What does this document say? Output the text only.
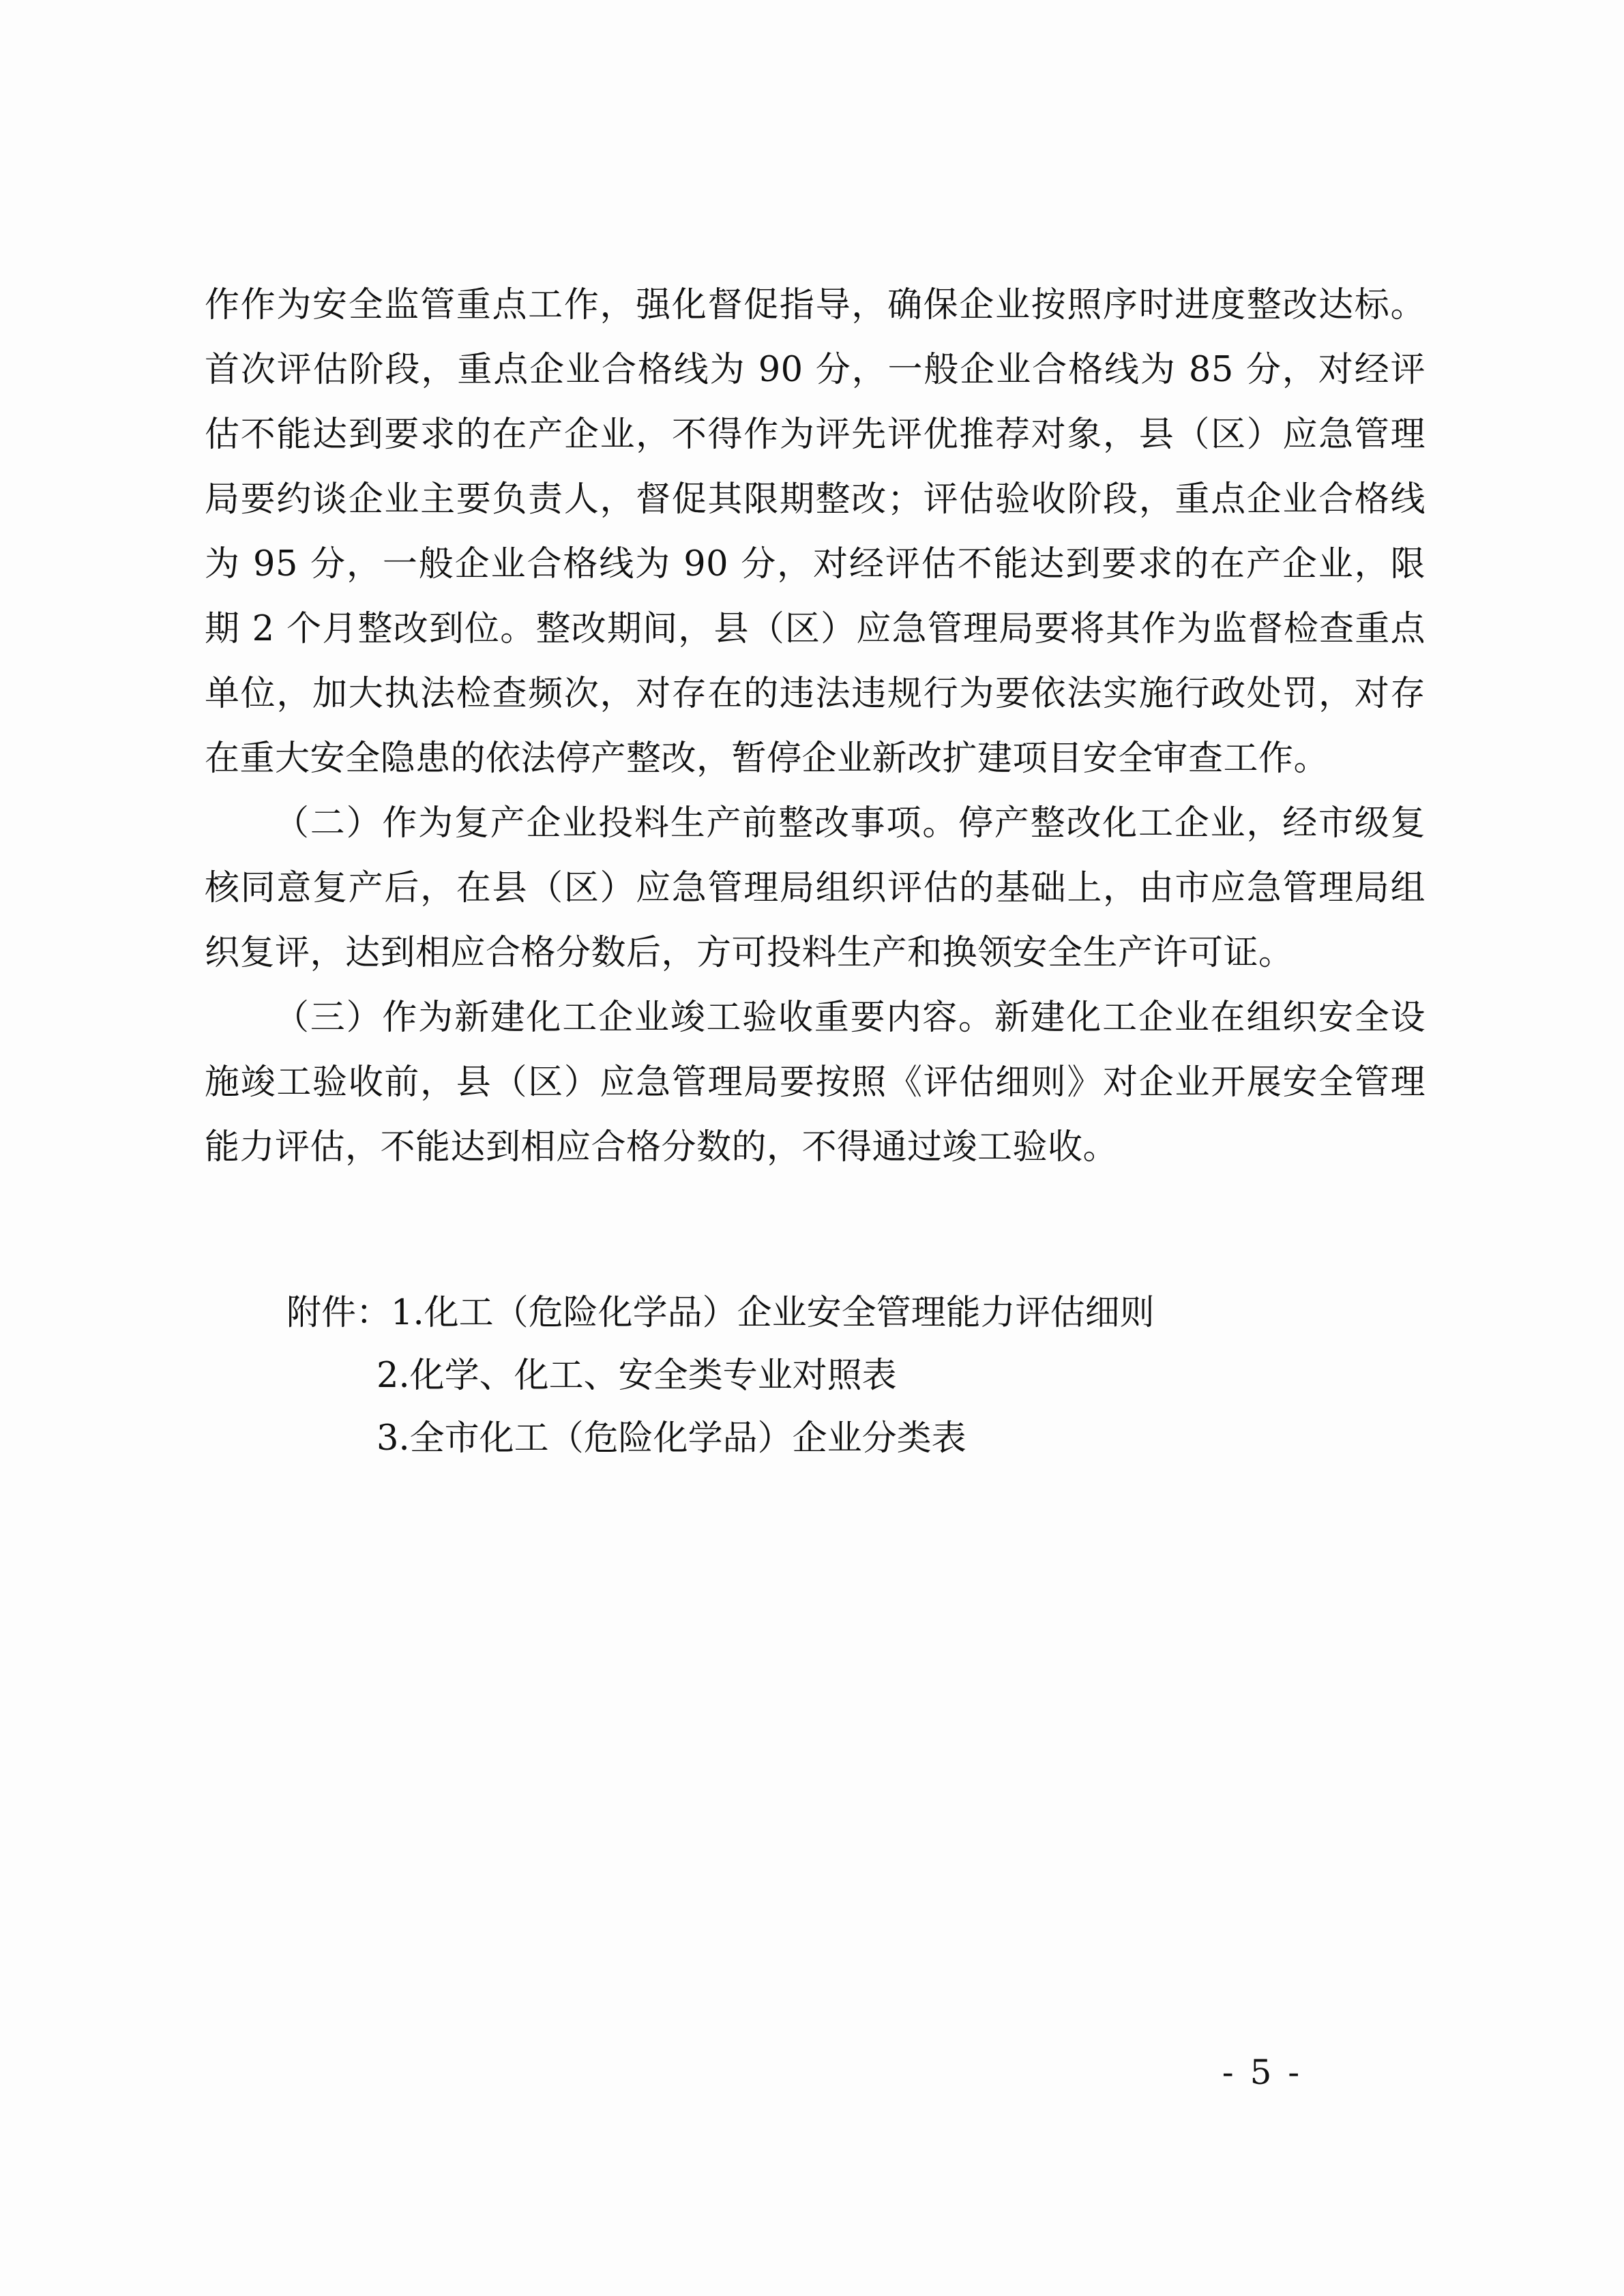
作作为安全监管重点工作，强化督促指导，确保企业按照序时进度整改达标。首次评估阶段，重点企业合格线为 90 分，一般企业合格线为 85 分，对经评估不能达到要求的在产企业，不得作为评先评优推荐对象，县（区）应急管理局要约谈企业主要负责人，督促其限期整改；评估验收阶段，重点企业合格线为 95 分，一般企业合格线为 90 分，对经评估不能达到要求的在产企业，限期 2 个月整改到位。整改期间，县（区）应急管理局要将其作为监督检查重点单位，加大执法检查频次，对存在的违法违规行为要依法实施行政处罚，对存在重大安全隐患的依法停产整改，暂停企业新改扩建项目安全审查工作。

（二）作为复产企业投料生产前整改事项。停产整改化工企业，经市级复核同意复产后，在县（区）应急管理局组织评估的基础上，由市应急管理局组织复评，达到相应合格分数后，方可投料生产和换领安全生产许可证。

（三）作为新建化工企业竣工验收重要内容。新建化工企业在组织安全设施竣工验收前，县（区）应急管理局要按照《评估细则》对企业开展安全管理能力评估，不能达到相应合格分数的，不得通过竣工验收。

附件：1.化工（危险化学品）企业安全管理能力评估细则
2.化学、化工、安全类专业对照表
3.全市化工（危险化学品）企业分类表
- 5 -
